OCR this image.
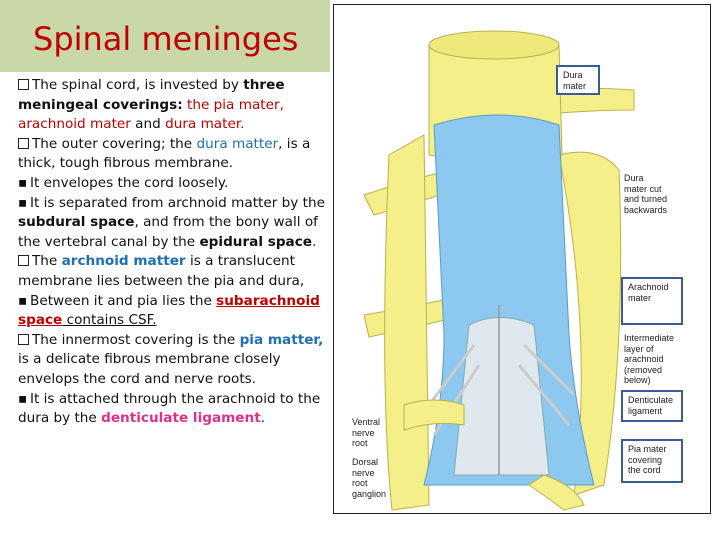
Spinal meninges

The spinal cord, is invested by three meningeal coverings: the pia mater, arachnoid mater and dura mater.

The outer covering; the dura matter, is a thick, tough fibrous membrane.

▪ It envelopes the cord loosely.

▪ It is separated from archnoid matter by the subdural space, and from the bony wall of the vertebral canal by the epidural space.

The archnoid matter is a translucent membrane lies between the pia and dura,

▪ Between it and pia lies the subarachnoid space contains CSF.

The innermost covering is the pia matter, is a delicate fibrous membrane closely envelops the cord and nerve roots.

▪ It is attached through the arachnoid to the dura by the denticulate ligament.

Dura mater
Dura mater cut and turned backwards
Arachnoid mater
Intermediate layer of arachnoid (removed below)
Denticulate ligament
Pia mater covering the cord
Ventral nerve root
Dorsal nerve root ganglion
